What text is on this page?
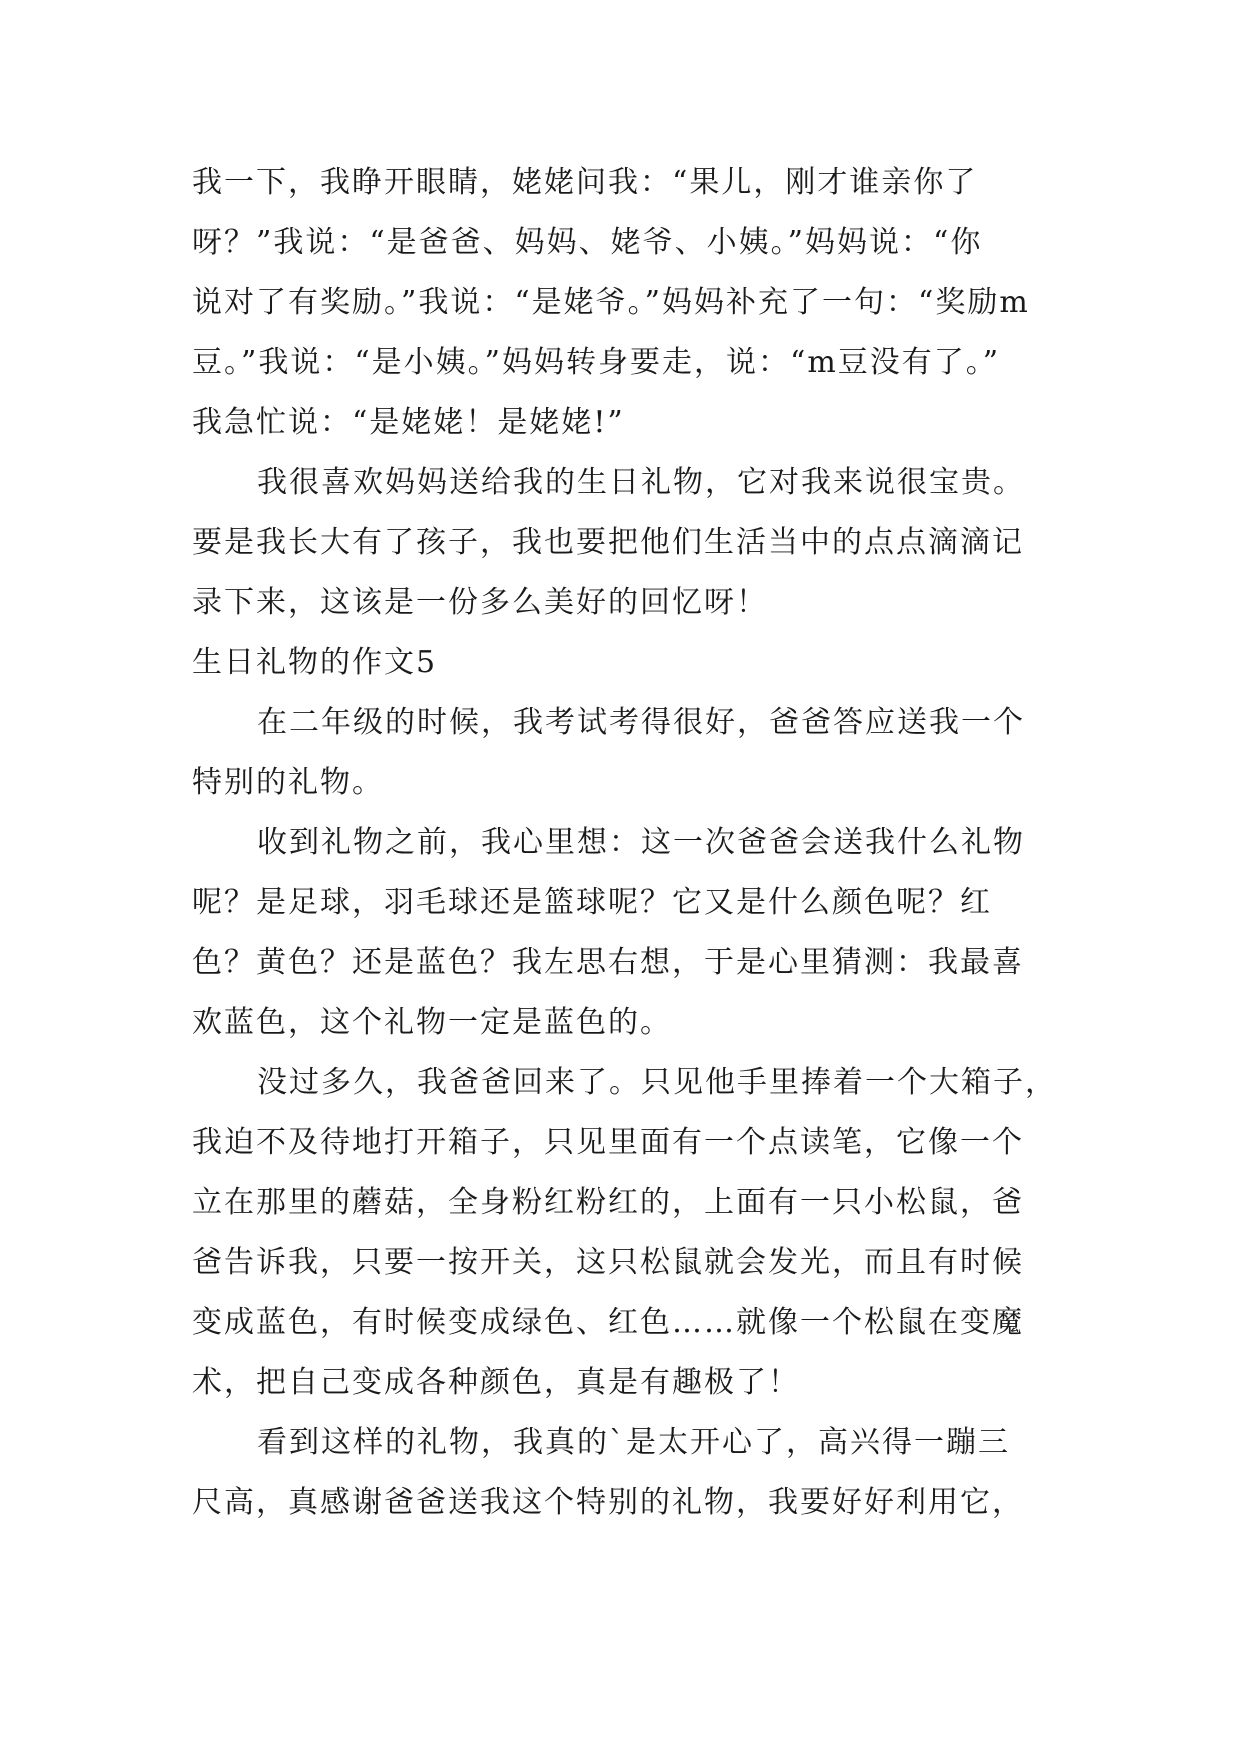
我一下，我睁开眼睛，姥姥问我：“果儿，刚才谁亲你了
呀？”我说：“是爸爸、妈妈、姥爷、小姨。”妈妈说：“你
说对了有奖励。”我说：“是姥爷。”妈妈补充了一句：“奖励m
豆。”我说：“是小姨。”妈妈转身要走，说：“m豆没有了。”
我急忙说：“是姥姥！是姥姥!”
我很喜欢妈妈送给我的生日礼物，它对我来说很宝贵。
要是我长大有了孩子，我也要把他们生活当中的点点滴滴记
录下来，这该是一份多么美好的回忆呀！
生日礼物的作文5
在二年级的时候，我考试考得很好，爸爸答应送我一个
特别的礼物。
收到礼物之前，我心里想：这一次爸爸会送我什么礼物
呢？是足球，羽毛球还是篮球呢？它又是什么颜色呢？红
色？黄色？还是蓝色？我左思右想，于是心里猜测：我最喜
欢蓝色，这个礼物一定是蓝色的。
没过多久，我爸爸回来了。只见他手里捧着一个大箱子，
我迫不及待地打开箱子，只见里面有一个点读笔，它像一个
立在那里的蘑菇，全身粉红粉红的，上面有一只小松鼠，爸
爸告诉我，只要一按开关，这只松鼠就会发光，而且有时候
变成蓝色，有时候变成绿色、红色……就像一个松鼠在变魔
术，把自己变成各种颜色，真是有趣极了！
看到这样的礼物，我真的`是太开心了，高兴得一蹦三
尺高，真感谢爸爸送我这个特别的礼物，我要好好利用它，
